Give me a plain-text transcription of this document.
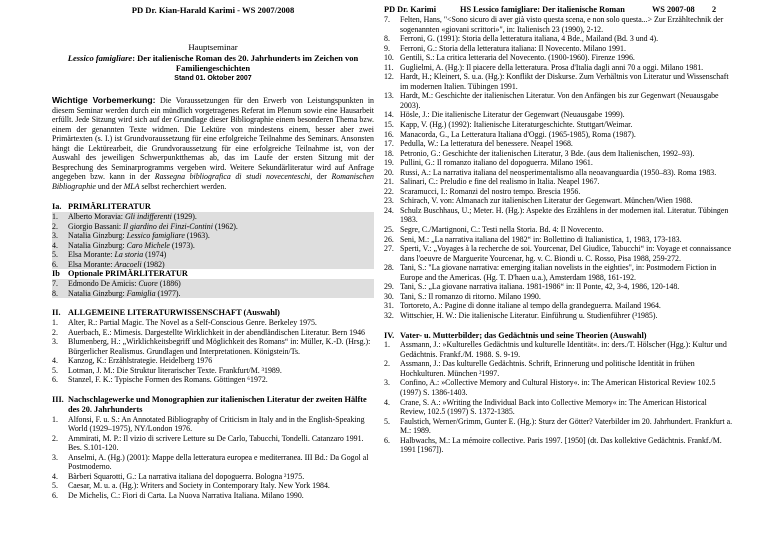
PD Dr. Kian-Harald Karimi - WS 2007/2008
Hauptseminar
Lessico famigliare: Der italienische Roman des 20. Jahrhunderts im Zeichen von Familiengeschichten
Stand 01. Oktober 2007
Wichtige Vorbemerkung: Die Voraussetzungen für den Erwerb von Leistungspunkten in diesem Seminar werden durch ein mündlich vorgetragenes Referat im Plenum sowie eine Hausarbeit erfüllt. Jede Sitzung wird sich auf der Grundlage dieser Bibliographie einem besonderen Thema bzw. einem der genannten Texte widmen. Die Lektüre von mindestens einem, besser aber zwei Primärtexten (s. I.) ist Grundvoraussetzung für eine erfolgreiche Teilnahme des Seminars. Ansonsten hängt die Lektürearbeit, die Grundvoraussetzung für eine erfolgreiche Teilnahme ist, von der Auswahl des jeweiligen Schwerpunktthemas ab, das im Laufe der ersten Sitzung mit der Besprechung des Seminarprogramms vergeben wird. Weitere Sekundärliteratur wird auf Anfrage angegeben bzw. kann in der Rassegna bibliografica di studi novecenteschi, der Romanischen Bibliographie und der MLA selbst recherchiert werden.
Ia. PRIMÄRLITERATUR
1.	Alberto Moravia: Gli indifferenti (1929).
2.	Giorgio Bassani: Il giardino dei Finzi-Contini (1962).
3.	Natalia Ginzburg: Lessico famigliare (1963).
4.	Natalia Ginzburg: Caro Michele (1973).
5.	Elsa Morante: La storia (1974)
6.	Elsa Morante: Aracoeli (1982)
Ib Optionale PRIMÄRLITERATUR
7.	Edmondo De Amicis: Cuore (1886)
8.	Natalia Ginzburg: Famiglia (1977).
II. ALLGEMEINE LITERATURWISSENSCHAFT (Auswahl)
1.	Alter, R.: Partial Magic. The Novel as a Self-Conscious Genre. Berkeley 1975.
2.	Auerbach, E.: Mimesis. Dargestellte Wirklichkeit in der abendländischen Literatur. Bern 1946
3.	Blumenberg, H.: „Wirklichkeitsbegriff und Möglichkeit des Romans“ in: Müller, K.-D. (Hrsg.): Bürgerlicher Realismus. Grundlagen und Interpretationen. Königstein/Ts.
4.	Kanzog, K.: Erzählstrategie. Heidelberg 1976
5.	Lotman, J. M.: Die Struktur literarischer Texte. Frankfurt/M. ³1989.
6.	Stanzel, F. K.: Typische Formen des Romans. Göttingen ⁶1972.
III. Nachschlagewerke und Monographien zur italienischen Literatur der zweiten Hälfte des 20. Jahrhunderts
1.	Alfonsi, F. u. S.: An Annotated Bibliography of Criticism in Italy and in the English-Speaking World (1929–1975), NY/London 1976.
2.	Ammirati, M. P.: Il vizio di scrivere Letture su De Carlo, Tabucchi, Tondelli. Catanzaro 1991. Bes. S.101-120.
3.	Anselmi, A. (Hg.) (2001): Mappe della letteratura europea e mediterranea. III Bd.: Da Gogol al Postmoderno.
4.	Bàrberi Squarotti, G.: La narrativa italiana del dopoguerra. Bologna ²1975.
5.	Caesar, M. u. a. (Hg.): Writers and Society in Contemporary Italy. New York 1984.
6.	De Michelis, C.: Fiori di Carta. La Nuova Narrativa Italiana. Milano 1990.
PD Dr. Karimi	HS Lessico famigliare: Der italienische Roman	WS 2007-08	2
7.	Felten, Hans, "<Sono sicuro di aver già visto questa scena, e non solo questa...> Zur Erzähltechnik der sogenannten «giovani scrittori»", in: Italienisch 23 (1990), 2-12.
8.	Ferroni, G. (1991): Storia della letteratura italiana, 4 Bde., Mailand (Bd. 3 und 4).
9.	Ferroni, G.: Storia della letteratura italiana: Il Novecento. Milano 1991.
10. Gentili, S.: La critica letteraria del Novecento. (1900-1960). Firenze 1996.
11. Guglielmi, A. (Hg.): Il piacere della letteratura. Prosa d'Italia dagli anni 70 a oggi. Milano 1981.
12. Hardt, H.; Kleinert, S. u.a. (Hg.): Konflikt der Diskurse. Zum Verhältnis von Literatur und Wissenschaft im modernen Italien. Tübingen 1991.
13. Hardt, M.: Geschichte der italienischen Literatur. Von den Anfängen bis zur Gegenwart (Neuausgabe 2003).
14. Hösle, J.: Die italienische Literatur der Gegenwart (Neuausgabe 1999).
15. Kapp, V. (Hg.) (1992): Italienische Literaturgeschichte. Stuttgart/Weimar.
16. Manacorda, G., La Letteratura Italiana d'Oggi. (1965-1985), Roma (1987).
17. Pedulla, W.: La letteratura del benessere. Neapel 1968.
18. Petronio, G.: Geschichte der italienischen Literatur, 3 Bde. (aus dem Italienischen, 1992–93).
19. Pullini, G.: Il romanzo italiano del dopoguerra. Milano 1961.
20. Russi, A.: La narrativa italiana del neosperimentalismo alla neoavanguardia (1950–83). Roma 1983.
21. Salinari, C.: Preludio e fine del realismo in Italia. Neapel 1967.
22. Scaramucci, I.: Romanzi del nostro tempo. Brescia 1956.
23. Schirach, V. von: Almanach zur italienischen Literatur der Gegenwart. München/Wien 1988.
24. Schulz Buschhaus, U.; Meter. H. (Hg.): Aspekte des Erzählens in der modernen ital. Literatur. Tübingen 1983.
25. Segre, C./Martignoni, C.: Testi nella Storia. Bd. 4: Il Novecento.
26. Seni, M.: „La narrativa italiana del 1982“ in: Bollettino di Italianistica, 1, 1983, 173-183.
27. Sperti, V.: „Voyages à la recherche de soi. Yourcenar, Del Giudice, Tabucchi“ in: Voyage et connaissance dans l'oeuvre de Marguerite Yourcenar, hg. v. C. Biondi u. C. Rosso, Pisa 1988, 259-272.
28. Tani, S.: "La giovane narrativa: emerging italian novelists in the eighties", in: Postmodern Fiction in Europe and the Americas. (Hg. T. D'haen u.a.), Amsterdam 1988, 161-192.
29. Tani, S.: „La giovane narrativa italiana. 1981-1986“ in: Il Ponte, 42, 3-4, 1986, 120-148.
30. Tani, S.: Il romanzo di ritorno. Milano 1990.
31. Tortoreto, A.: Pagine di donne italiane al tempo della grandeguerra. Mailand 1964.
32. Wittschier, H. W.: Die italienische Literatur. Einführung u. Studienführer (³1985).
IV. Vater- u. Mutterbilder; das Gedächtnis und seine Theorien (Auswahl)
1.	Assmann, J.: »Kulturelles Gedächtnis und kulturelle Identität«. in: ders./T. Hölscher (Hgg.): Kultur und Gedächtnis. Frankf./M. 1988. S. 9-19.
2.	Assmann, J.: Das kulturelle Gedächtnis. Schrift, Erinnerung und politische Identität in frühen Hochkulturen. München ²1997.
3.	Confino, A.: »Collective Memory and Cultural History«. in: The American Historical Review 102.5 (1997) S. 1386-1403.
4.	Crane, S. A.: »Writing the Individual Back into Collective Memory« in: The American Historical Review, 102.5 (1997) S. 1372-1385.
5.	Faulstich, Werner/Grimm, Gunter E. (Hg.): Sturz der Götter? Vaterbilder im 20. Jahrhundert. Frankfurt a. M.: 1989.
6.	Halbwachs, M.: La mémoire collective. Paris 1997. [1950] (dt. Das kollektive Gedächtnis. Frankf./M. 1991 [1967]).
